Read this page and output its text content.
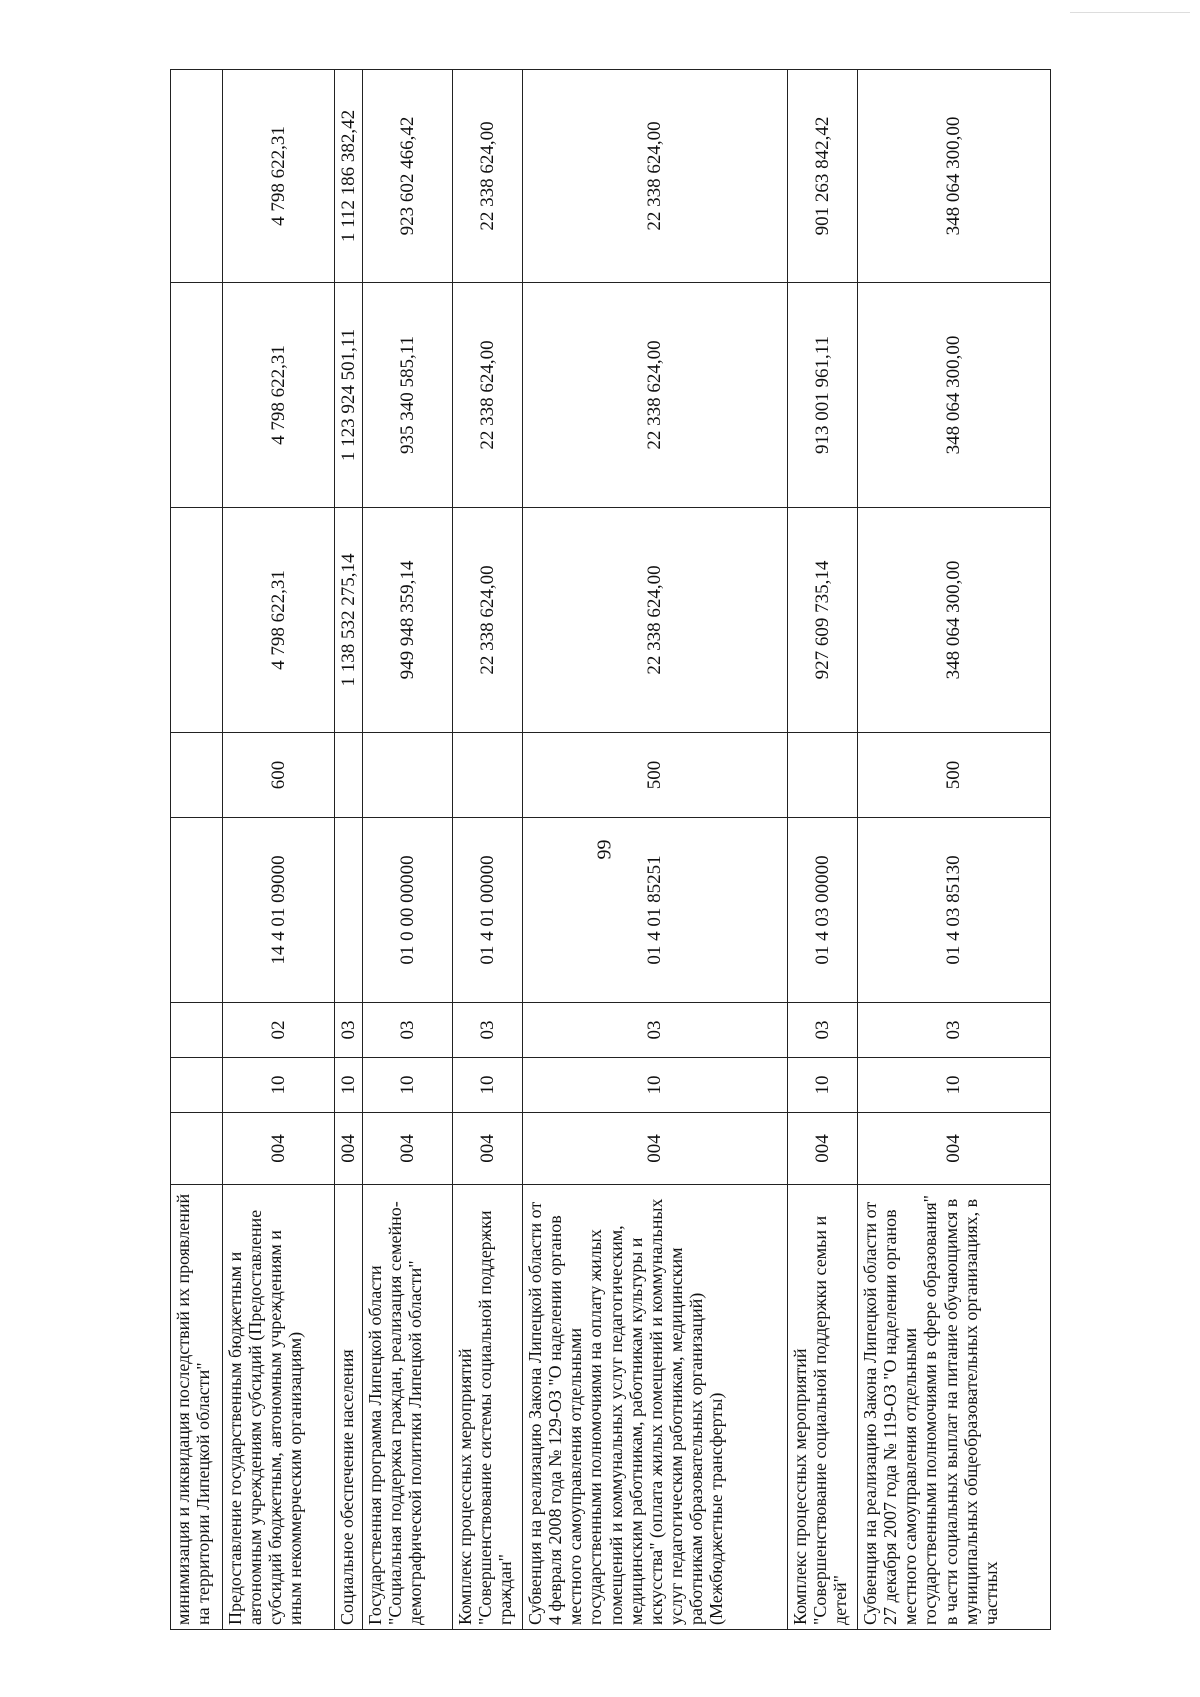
99
минимизация и ликвидация последствий их проявлений на территории Липецкой области"								
Предоставление государственным бюджетным и автономным учреждениям субсидий (Предоставление субсидий бюджетным, автономным учреждениям и иным некоммерческим организациям)	004	10	02	14 4 01 09000	600	4 798 622,31	4 798 622,31	4 798 622,31
Социальное обеспечение населения	004	10	03			1 138 532 275,14	1 123 924 501,11	1 112 186 382,42
Государственная программа Липецкой области "Социальная поддержка граждан, реализация семейно-демографической политики Липецкой области"	004	10	03	01 0 00 00000		949 948 359,14	935 340 585,11	923 602 466,42
Комплекс процессных мероприятий "Совершенствование системы социальной поддержки граждан"	004	10	03	01 4 01 00000		22 338 624,00	22 338 624,00	22 338 624,00
Субвенция на реализацию Закона Липецкой области от 4 февраля 2008 года № 129-ОЗ "О наделении органов местного самоуправления отдельными государственными полномочиями на оплату жилых помещений и коммунальных услуг педагогическим, медицинским работникам, работникам культуры и искусства" (оплата жилых помещений и коммунальных услуг педагогическим работникам, медицинским работникам образовательных организаций) (Межбюджетные трансферты)	004	10	03	01 4 01 85251	500	22 338 624,00	22 338 624,00	22 338 624,00
Комплекс процессных мероприятий "Совершенствование социальной поддержки семьи и детей"	004	10	03	01 4 03 00000		927 609 735,14	913 001 961,11	901 263 842,42
Субвенция на реализацию Закона Липецкой области от 27 декабря 2007 года № 119-ОЗ "О наделении органов местного самоуправления отдельными государственными полномочиями в сфере образования" в части социальных выплат на питание обучающимся в муниципальных общеобразовательных организациях, в частных	004	10	03	01 4 03 85130	500	348 064 300,00	348 064 300,00	348 064 300,00
